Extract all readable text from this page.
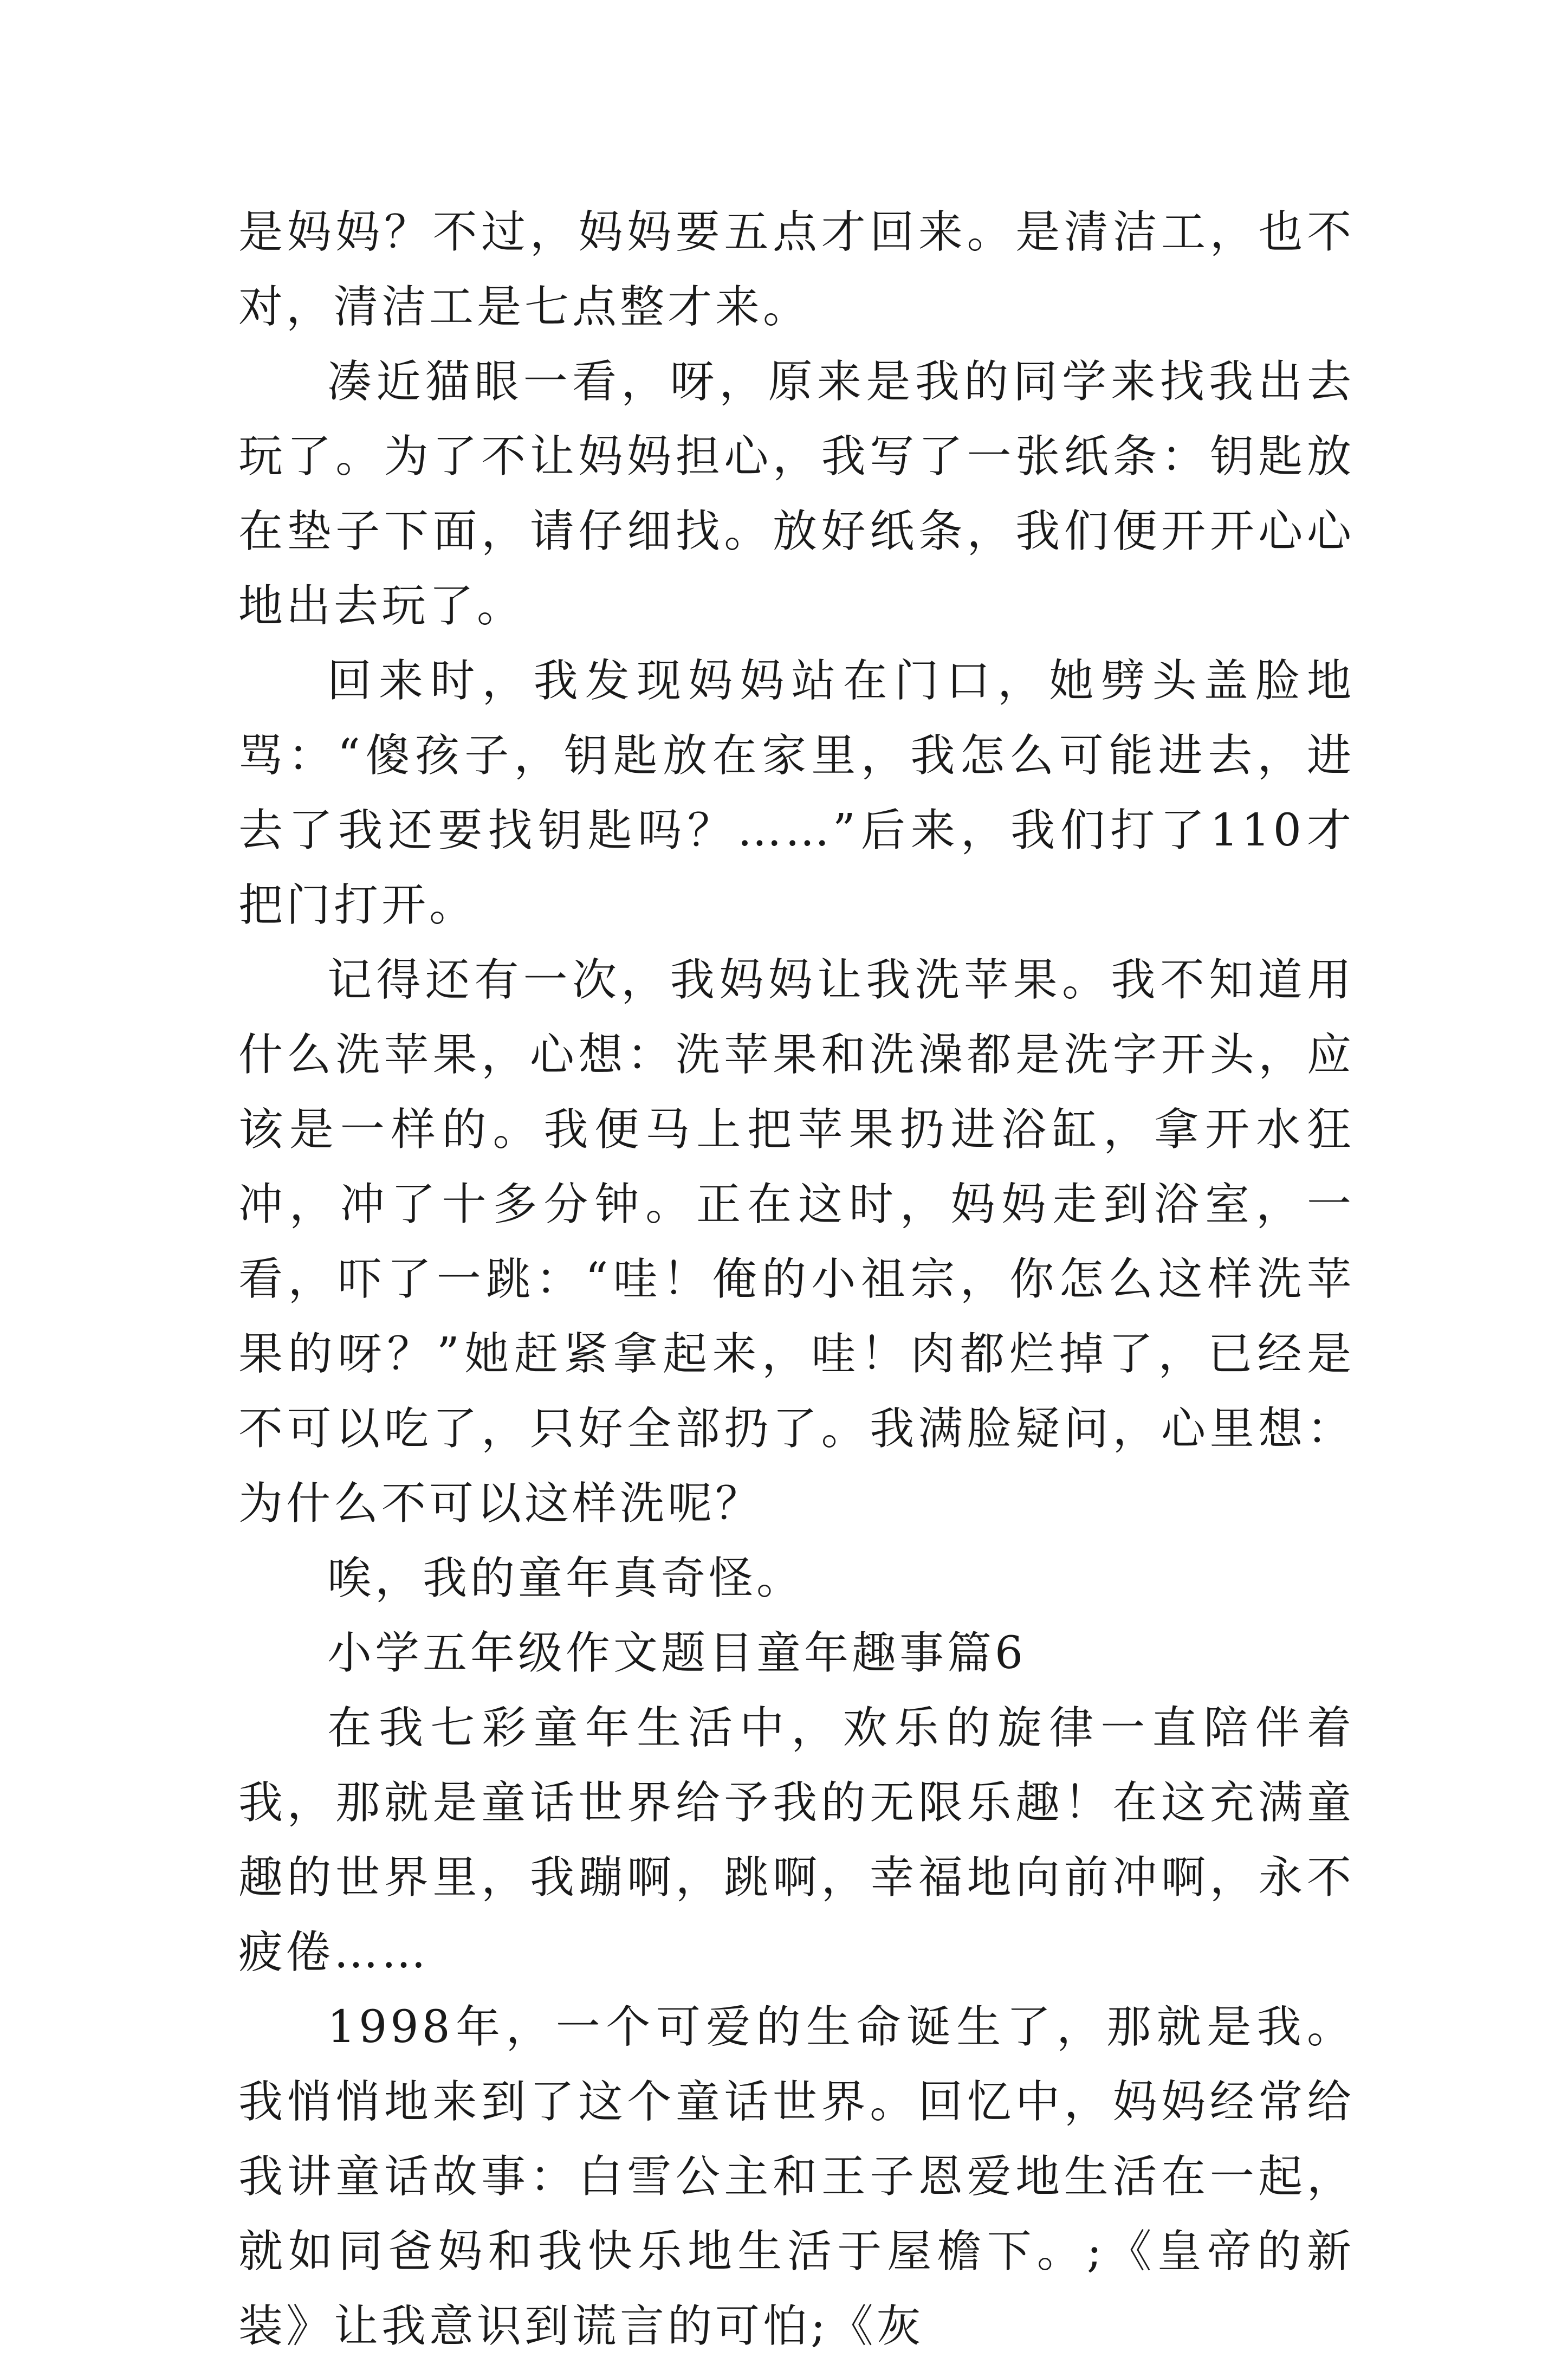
是妈妈？不过，妈妈要五点才回来。是清洁工，也不对，清洁工是七点整才来。

凑近猫眼一看，呀，原来是我的同学来找我出去玩了。为了不让妈妈担心，我写了一张纸条：钥匙放在垫子下面，请仔细找。放好纸条，我们便开开心心地出去玩了。

回来时，我发现妈妈站在门口，她劈头盖脸地骂：“傻孩子，钥匙放在家里，我怎么可能进去，进去了我还要找钥匙吗？……”后来，我们打了110才把门打开。

记得还有一次，我妈妈让我洗苹果。我不知道用什么洗苹果，心想：洗苹果和洗澡都是洗字开头，应该是一样的。我便马上把苹果扔进浴缸，拿开水狂冲，冲了十多分钟。正在这时，妈妈走到浴室，一看，吓了一跳：“哇！俺的小祖宗，你怎么这样洗苹果的呀？”她赶紧拿起来，哇！肉都烂掉了，已经是不可以吃了，只好全部扔了。我满脸疑问，心里想：为什么不可以这样洗呢？

唉，我的童年真奇怪。

小学五年级作文题目童年趣事篇6

在我七彩童年生活中，欢乐的旋律一直陪伴着我，那就是童话世界给予我的无限乐趣！在这充满童趣的世界里，我蹦啊，跳啊，幸福地向前冲啊，永不疲倦……

1998年，一个可爱的生命诞生了，那就是我。我悄悄地来到了这个童话世界。回忆中，妈妈经常给我讲童话故事：白雪公主和王子恩爱地生活在一起，就如同爸妈和我快乐地生活于屋檐下。;《皇帝的新装》让我意识到谎言的可怕;《灰
